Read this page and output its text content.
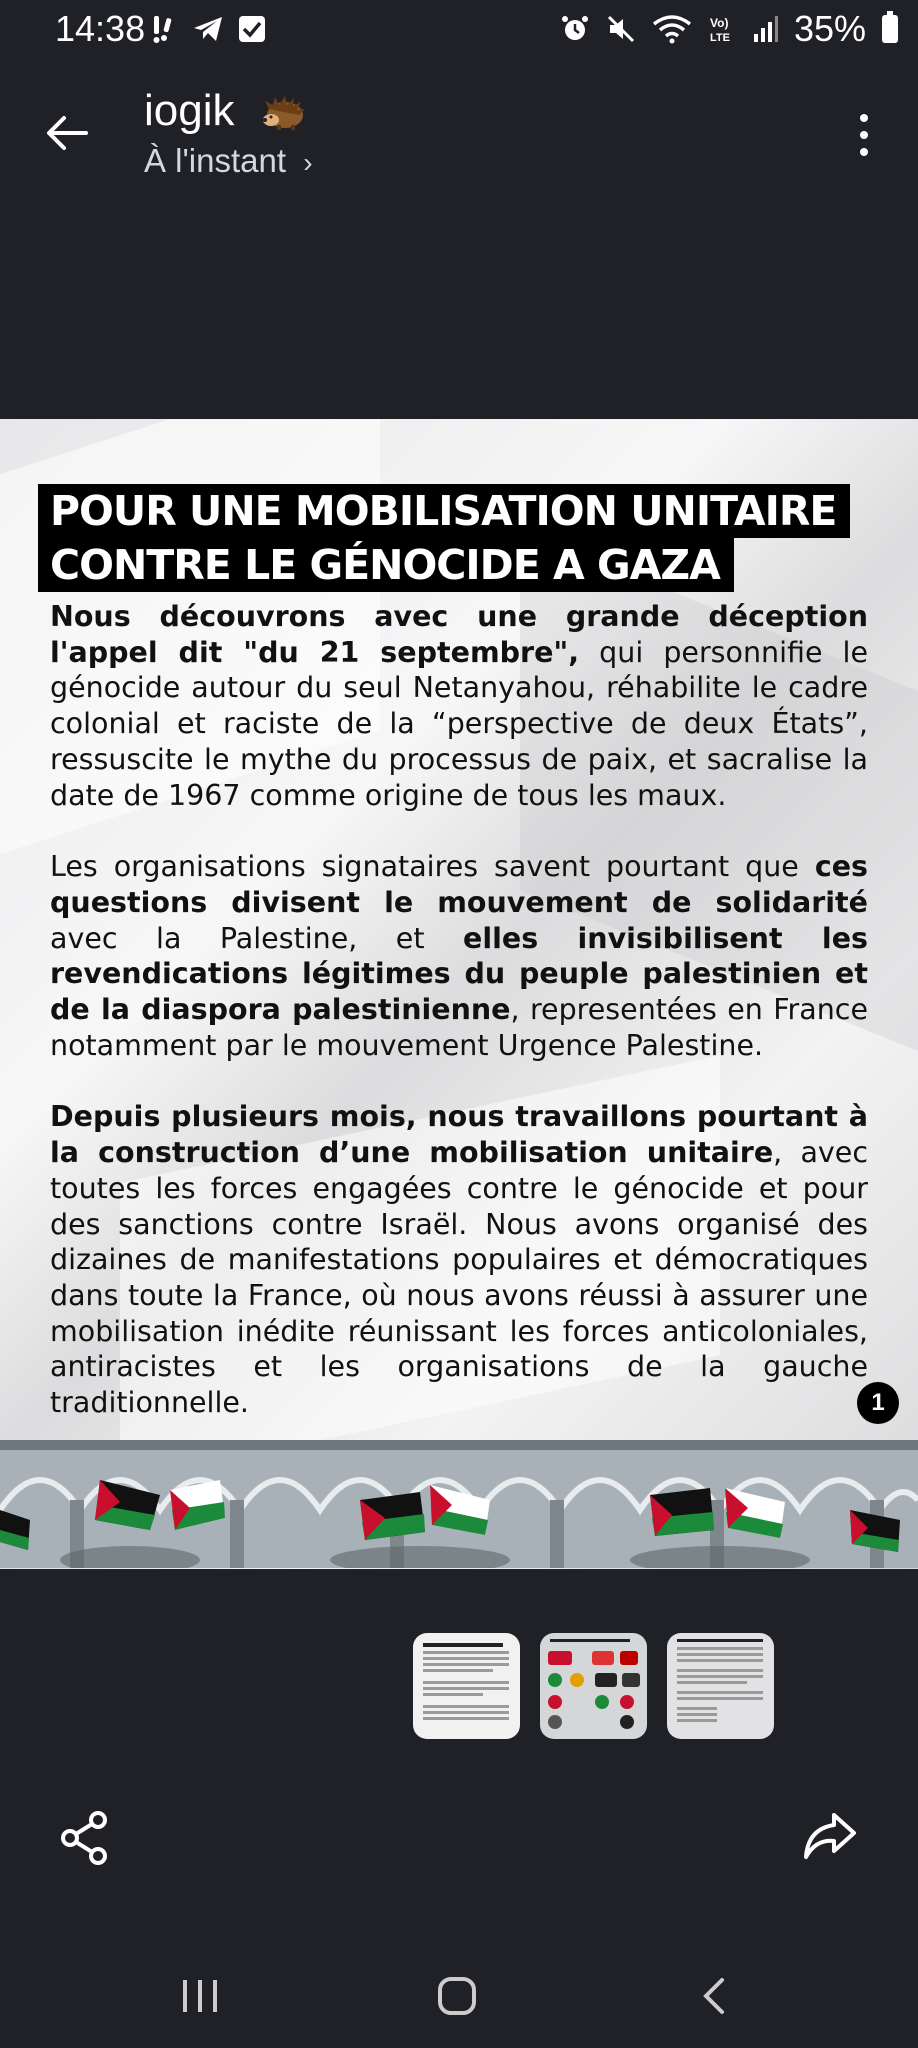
14:38	Vo)
LTE 35%
iogik
À l'instant ›
POUR UNE MOBILISATION UNITAIRE
CONTRE LE GÉNOCIDE A GAZA

Nous découvrons avec une grande déception l'appel dit "du 21 septembre", qui personnifie le génocide autour du seul Netanyahou, réhabilite le cadre colonial et raciste de la “perspective de deux États”, ressuscite le mythe du processus de paix, et sacralise la date de 1967 comme origine de tous les maux.

Les organisations signataires savent pourtant que ces questions divisent le mouvement de solidarité avec la Palestine, et elles invisibilisent les revendications légitimes du peuple palestinien et de la diaspora palestinienne, representées en France notamment par le mouvement Urgence Palestine.

Depuis plusieurs mois, nous travaillons pourtant à la construction d’une mobilisation unitaire, avec toutes les forces engagées contre le génocide et pour des sanctions contre Israël. Nous avons organisé des dizaines de manifestations populaires et démocratiques dans toute la France, où nous avons réussi à assurer une mobilisation inédite réunissant les forces anticoloniales, antiracistes et les organisations de la gauche traditionnelle.	1
